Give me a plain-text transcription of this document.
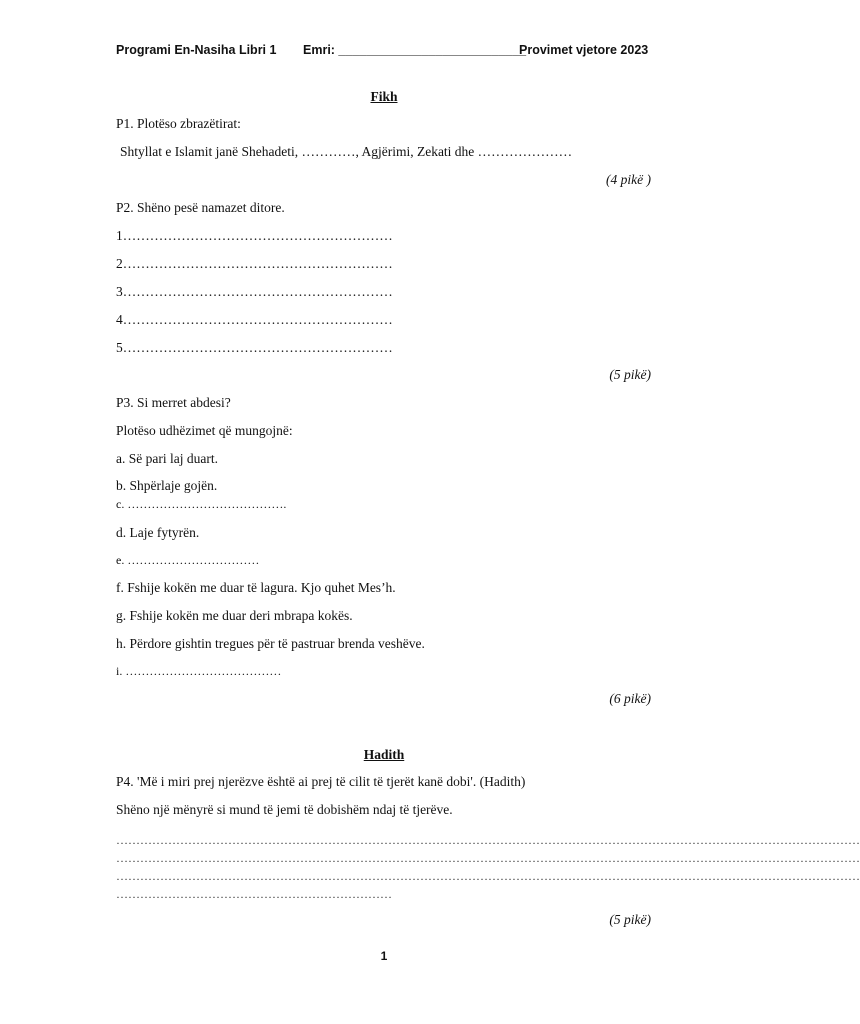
Programi En-Nasiha Libri 1 Emri: ___________________________
Provimet vjetore 2023
Fikh
P1. Plotëso zbrazëtirat:
Shtyllat e Islamit janë Shehadeti, …………, Agjërimi, Zekati dhe …………………
(4 pikë )
P2. Shëno pesë namazet ditore.
1……………………………………………………
2……………………………………………………
3……………………………………………………
4……………………………………………………
5……………………………………………………
(5 pikë)
P3. Si merret abdesi?
Plotëso udhëzimet që mungojnë:
a. Së pari laj duart.
b. Shpërlaje gojën.
c. ………………………………….
d. Laje fytyrën.
e. ……………………………
f. Fshije kokën me duar të lagura. Kjo quhet Mes’h.
g. Fshije kokën me duar deri mbrapa kokës.
h. Përdore gishtin tregues për të pastruar brenda veshëve.
i. …………………………………
(6 pikë)
Hadith
P4. 'Më i miri prej njerëzve është ai prej të cilit të tjerët kanë dobi'. (Hadith)
Shëno një mënyrë si mund të jemi të dobishëm ndaj të tjerëve.
……………………………………………………………………………………………………………………………………………………………………
……………………………………………………………………………………………………………………………………………………………………
……………………………………………………………………………………………………………………………………………………………………
……………………………………………………………
(5 pikë)
1
